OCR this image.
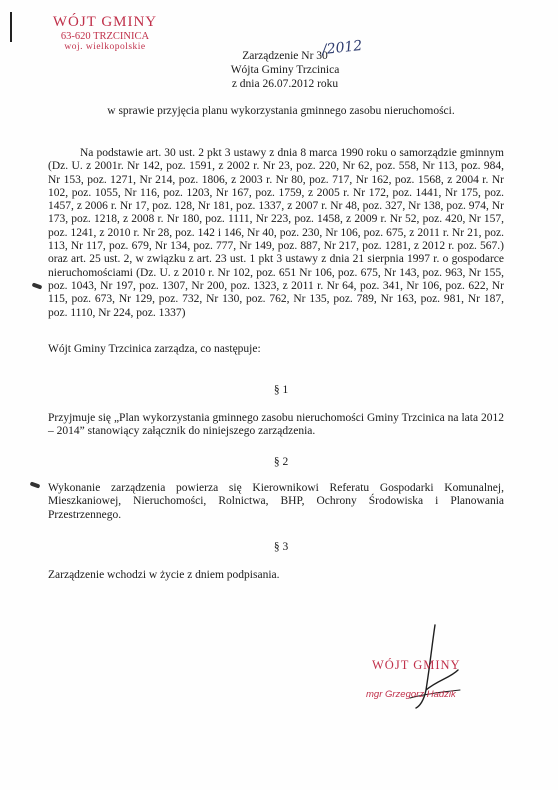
WÓJT GMINY
63-620 TRZCINICA
woj. wielkopolskie
Zarządzenie Nr 30
Wójta Gminy Trzcinica
z dnia 26.07.2012 roku
/2012
w sprawie przyjęcia planu wykorzystania gminnego zasobu nieruchomości.
Na podstawie art. 30 ust. 2 pkt 3 ustawy z dnia 8 marca 1990 roku o samorządzie gminnym (Dz. U. z 2001r. Nr 142, poz. 1591, z 2002 r. Nr 23, poz. 220, Nr 62, poz. 558, Nr 113, poz. 984, Nr 153, poz. 1271, Nr 214, poz. 1806, z 2003 r. Nr 80, poz. 717, Nr 162, poz. 1568, z 2004 r. Nr 102, poz. 1055, Nr 116, poz. 1203, Nr 167, poz. 1759, z 2005 r. Nr 172, poz. 1441, Nr 175, poz. 1457, z 2006 r. Nr 17, poz. 128, Nr 181, poz. 1337, z 2007 r. Nr 48, poz. 327, Nr 138, poz. 974, Nr 173, poz. 1218, z 2008 r. Nr 180, poz. 1111, Nr 223, poz. 1458, z 2009 r. Nr 52, poz. 420, Nr 157, poz. 1241, z 2010 r. Nr 28, poz. 142 i 146, Nr 40, poz. 230, Nr 106, poz. 675, z 2011 r. Nr 21, poz. 113, Nr 117, poz. 679, Nr 134, poz. 777, Nr 149, poz. 887, Nr 217, poz. 1281, z 2012 r. poz. 567.) oraz art. 25 ust. 2, w związku z art. 23 ust. 1 pkt 3 ustawy z dnia 21 sierpnia 1997 r. o gospodarce nieruchomościami (Dz. U. z 2010 r. Nr 102, poz. 651 Nr 106, poz. 675, Nr 143, poz. 963, Nr 155, poz. 1043, Nr 197, poz. 1307, Nr 200, poz. 1323, z 2011 r. Nr 64, poz. 341, Nr 106, poz. 622, Nr 115, poz. 673, Nr 129, poz. 732, Nr 130, poz. 762, Nr 135, poz. 789, Nr 163, poz. 981, Nr 187, poz. 1110, Nr 224, poz. 1337)
Wójt Gminy Trzcinica zarządza, co następuje:
§ 1
Przyjmuje się „Plan wykorzystania gminnego zasobu nieruchomości Gminy Trzcinica na lata 2012 – 2014” stanowiący załącznik do niniejszego zarządzenia.
§ 2
Wykonanie zarządzenia powierza się Kierownikowi Referatu Gospodarki Komunalnej, Mieszkaniowej, Nieruchomości, Rolnictwa, BHP, Ochrony Środowiska i Planowania Przestrzennego.
§ 3
Zarządzenie wchodzi w życie z dniem podpisania.
WÓJT GMINY
mgr Grzegorz Hadzik
